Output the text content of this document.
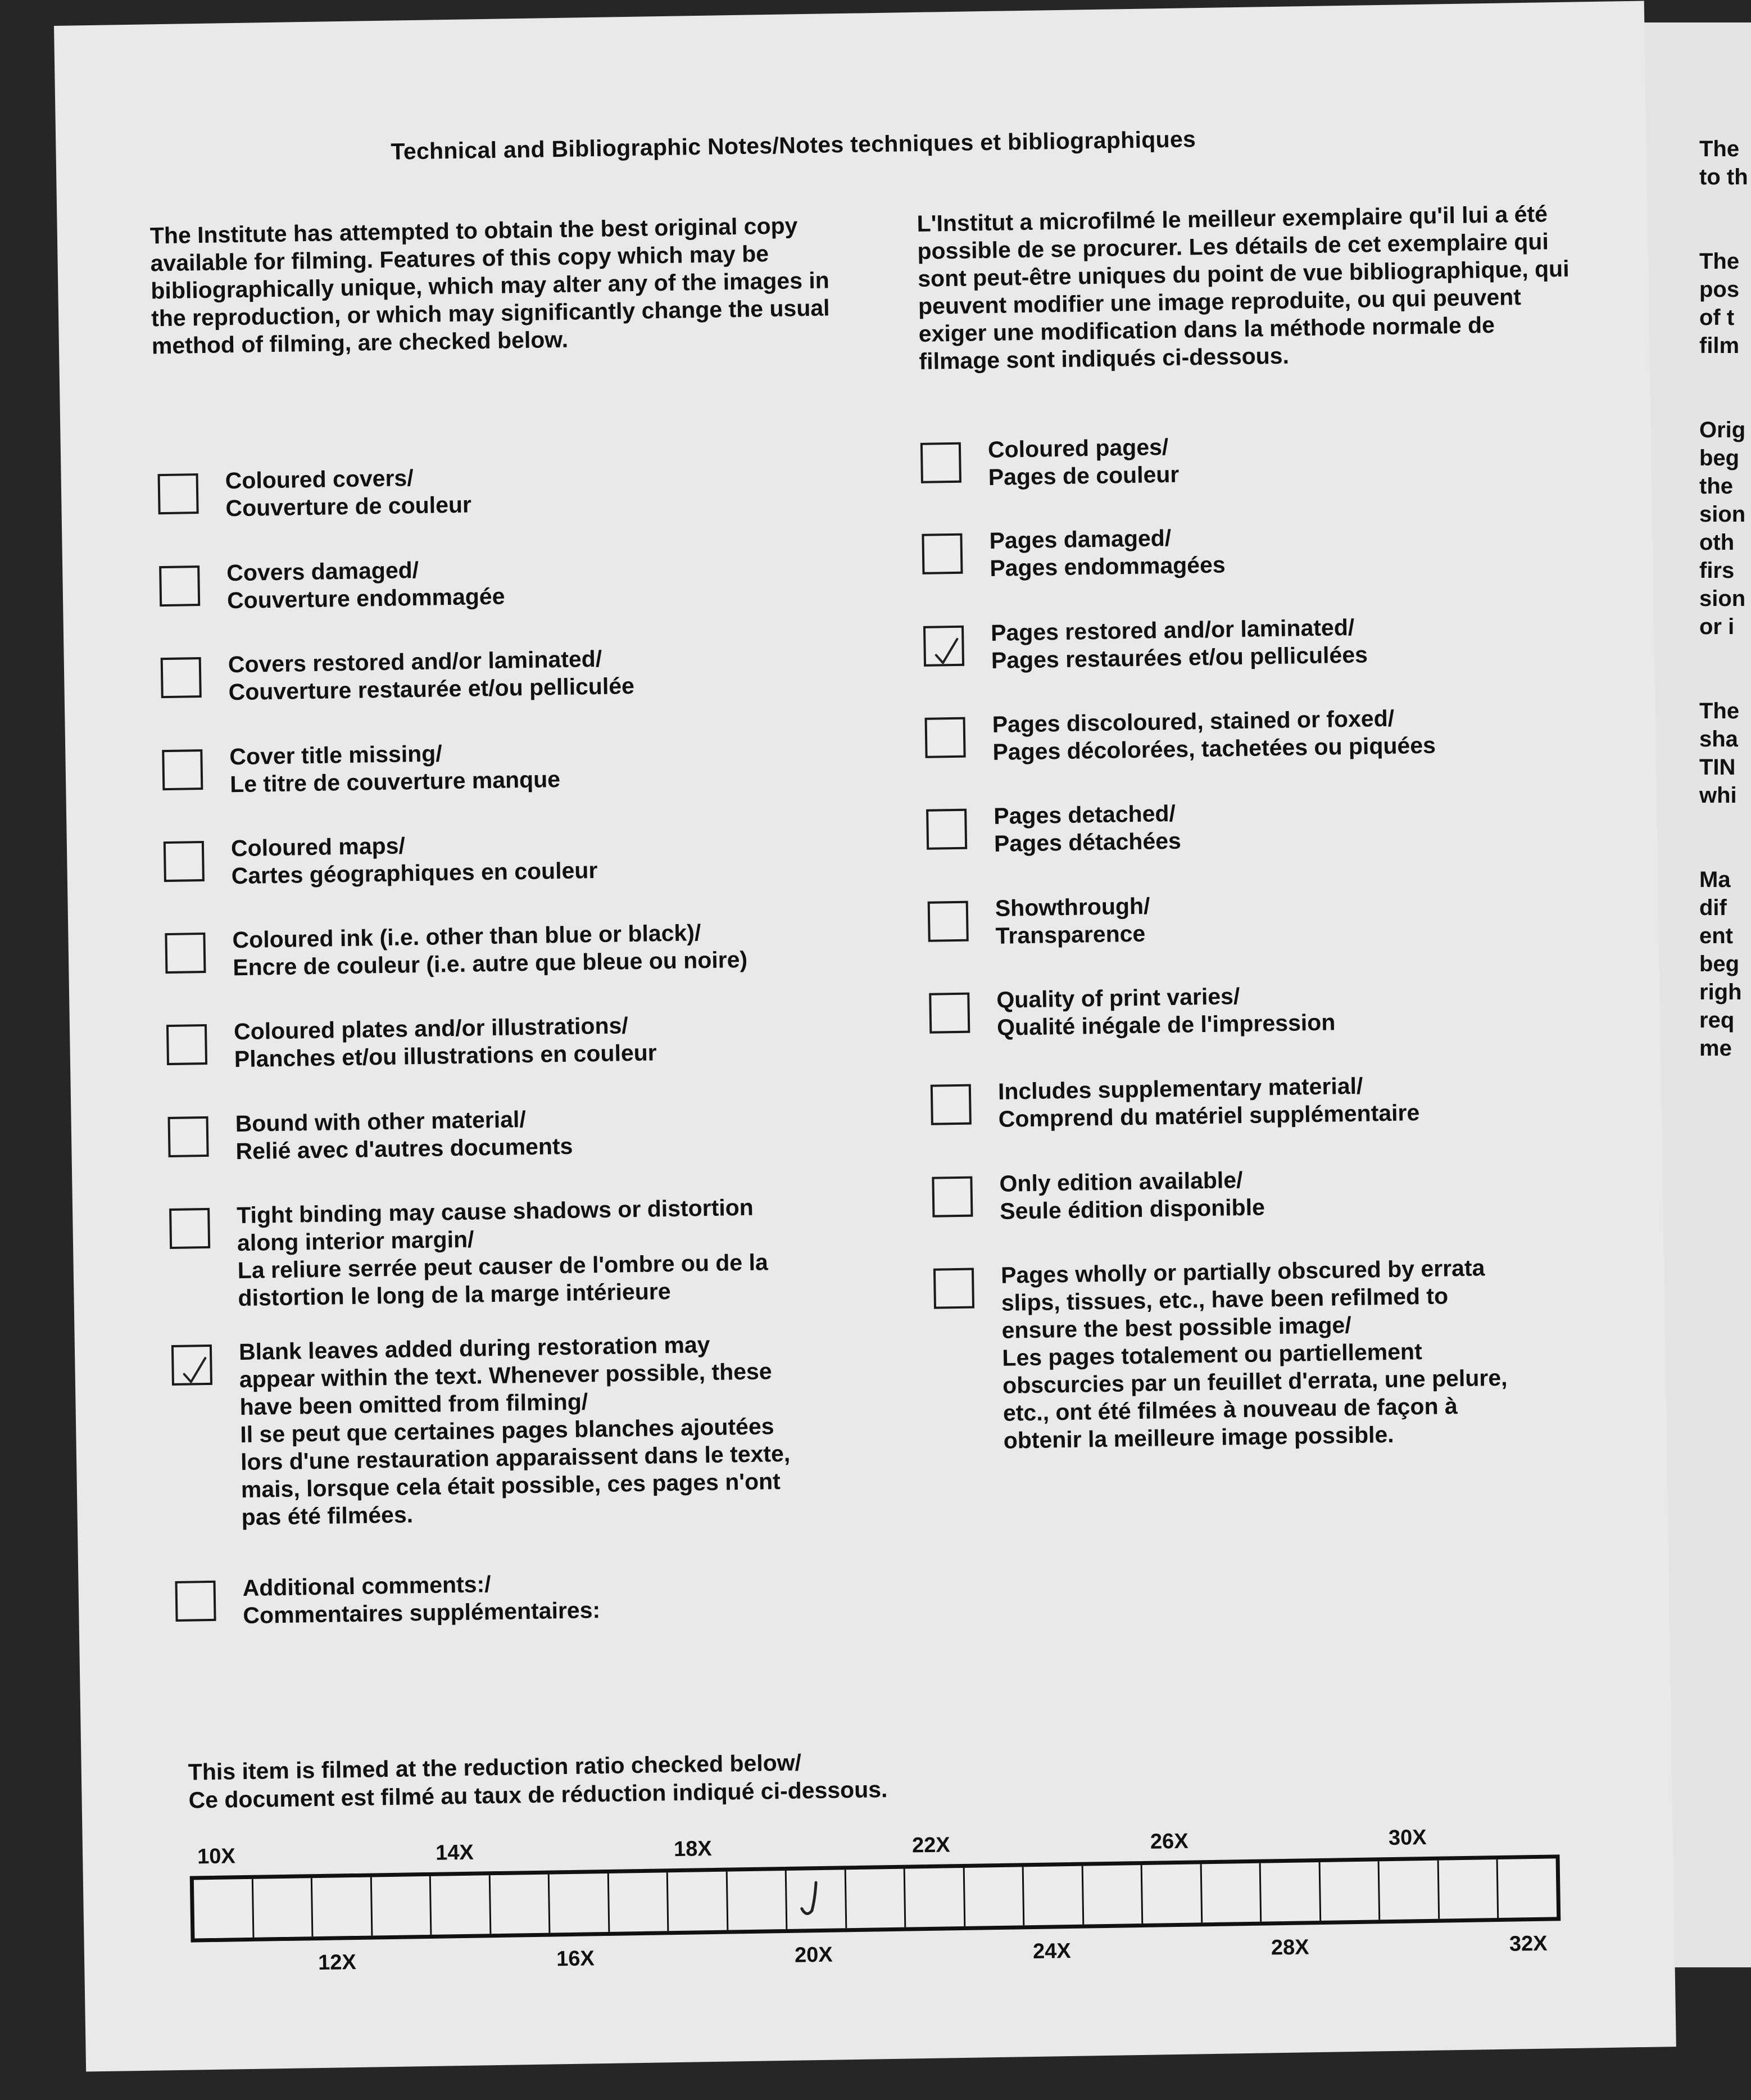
The
to th
The
pos
of t
film
Orig
beg
the
sion
oth
firs
sion
or i
The
sha
TIN
whi
Ma
dif
ent
beg
righ
req
me
Technical and Bibliographic Notes/Notes techniques et bibliographiques
The Institute has attempted to obtain the best original copy available for filming. Features of this copy which may be bibliographically unique, which may alter any of the images in the reproduction, or which may significantly change the usual method of filming, are checked below.
L'Institut a microfilmé le meilleur exemplaire qu'il lui a été possible de se procurer. Les détails de cet exemplaire qui sont peut-être uniques du point de vue bibliographique, qui peuvent modifier une image reproduite, ou qui peuvent exiger une modification dans la méthode normale de filmage sont indiqués ci-dessous.
Coloured covers/
Couverture de couleur
Covers damaged/
Couverture endommagée
Covers restored and/or laminated/
Couverture restaurée et/ou pelliculée
Cover title missing/
Le titre de couverture manque
Coloured maps/
Cartes géographiques en couleur
Coloured ink (i.e. other than blue or black)/
Encre de couleur (i.e. autre que bleue ou noire)
Coloured plates and/or illustrations/
Planches et/ou illustrations en couleur
Bound with other material/
Relié avec d'autres documents
Tight binding may cause shadows or distortion
along interior margin/
La reliure serrée peut causer de l'ombre ou de la
distortion le long de la marge intérieure
Blank leaves added during restoration may
appear within the text. Whenever possible, these
have been omitted from filming/
Il se peut que certaines pages blanches ajoutées
lors d'une restauration apparaissent dans le texte,
mais, lorsque cela était possible, ces pages n'ont
pas été filmées.
Additional comments:/
Commentaires supplémentaires:
Coloured pages/
Pages de couleur
Pages damaged/
Pages endommagées
Pages restored and/or laminated/
Pages restaurées et/ou pelliculées
Pages discoloured, stained or foxed/
Pages décolorées, tachetées ou piquées
Pages detached/
Pages détachées
Showthrough/
Transparence
Quality of print varies/
Qualité inégale de l'impression
Includes supplementary material/
Comprend du matériel supplémentaire
Only edition available/
Seule édition disponible
Pages wholly or partially obscured by errata
slips, tissues, etc., have been refilmed to
ensure the best possible image/
Les pages totalement ou partiellement
obscurcies par un feuillet d'errata, une pelure,
etc., ont été filmées à nouveau de façon à
obtenir la meilleure image possible.
This item is filmed at the reduction ratio checked below/
Ce document est filmé au taux de réduction indiqué ci-dessous.
10X	14X	18X	22X	26X	30X
12X	16X	20X	24X	28X	32X
